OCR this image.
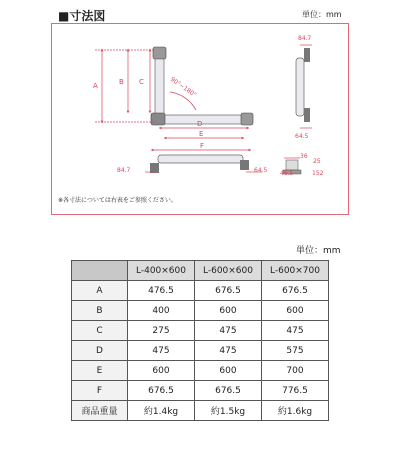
■寸法図	単位：mm
A	B C
D
E
F
90°~180°
84.7
64.5
84.7	64.5
36
25
46.5	152
※各寸法については右表をご参照ください。
単位：mm
	L-400×600	L-600×600	L-600×700
A	476.5	676.5	676.5
B	400	600	600
C	275	475	475
D	475	475	575
E	600	600	700
F	676.5	676.5	776.5
商品重量	約1.4kg	約1.5kg	約1.6kg
